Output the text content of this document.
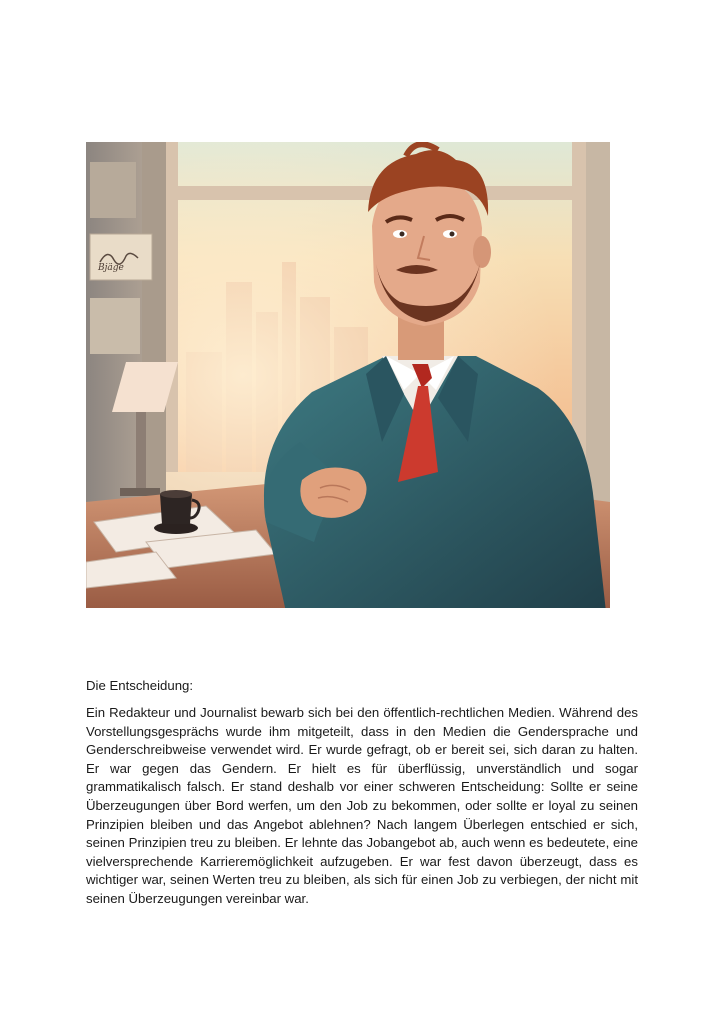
Bjäge

Die Entscheidung:

Ein Redakteur und Journalist bewarb sich bei den öffentlich-rechtlichen Medien. Während des Vorstellungsgesprächs wurde ihm mitgeteilt, dass in den Medien die Gendersprache und Genderschreibweise verwendet wird. Er wurde gefragt, ob er bereit sei, sich daran zu halten. Er war gegen das Gendern. Er hielt es für überflüssig, unverständlich und sogar grammatikalisch falsch. Er stand deshalb vor einer schweren Entscheidung: Sollte er seine Überzeugungen über Bord werfen, um den Job zu bekommen, oder sollte er loyal zu seinen Prinzipien bleiben und das Angebot ablehnen? Nach langem Überlegen entschied er sich, seinen Prinzipien treu zu bleiben. Er lehnte das Jobangebot ab, auch wenn es bedeutete, eine vielversprechende Karrieremöglichkeit aufzugeben. Er war fest davon überzeugt, dass es wichtiger war, seinen Werten treu zu bleiben, als sich für einen Job zu verbiegen, der nicht mit seinen Überzeugungen vereinbar war.
